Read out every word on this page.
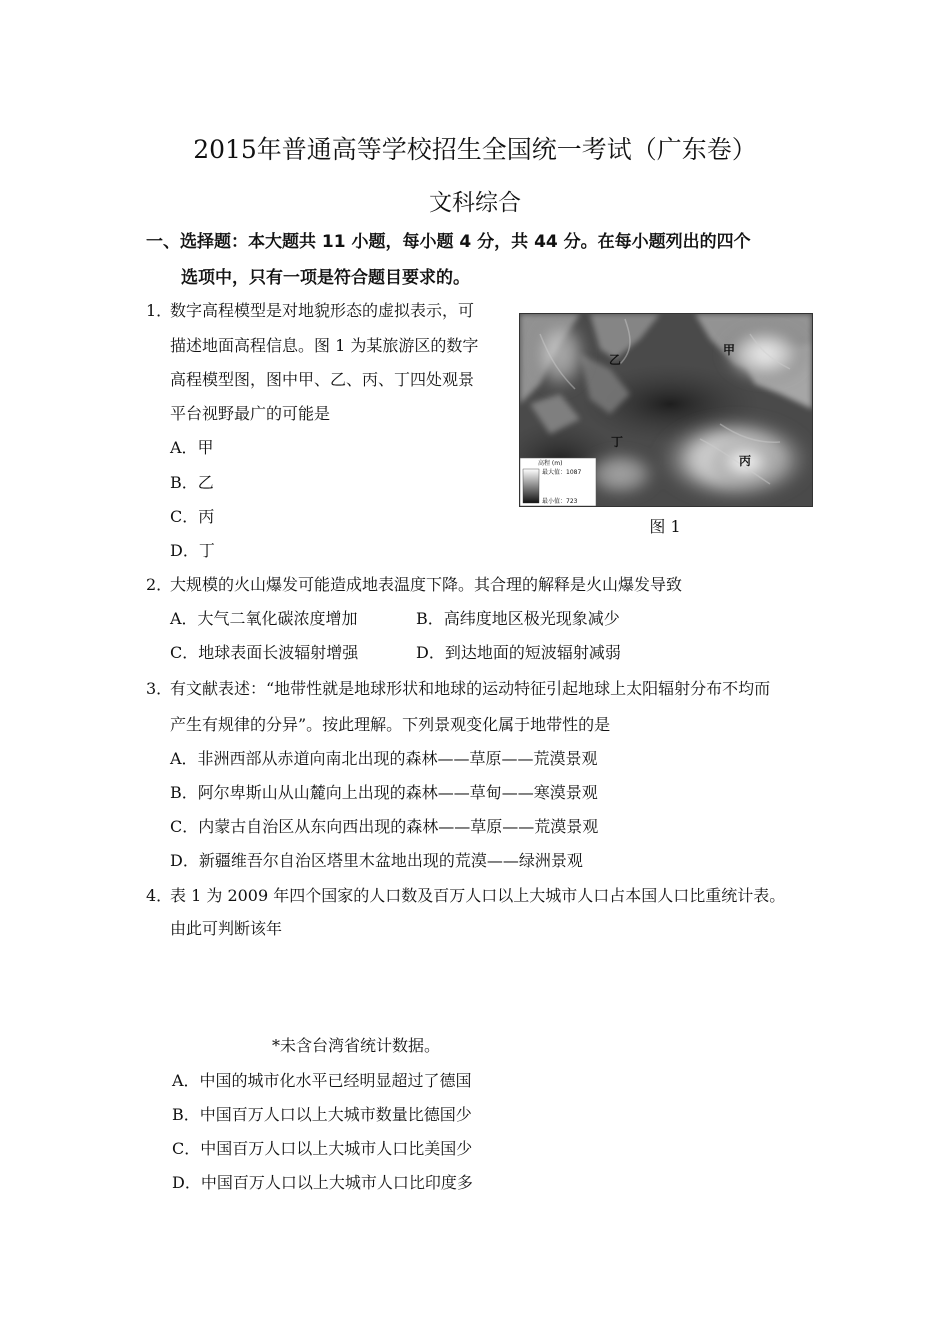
2015年普通高等学校招生全国统一考试（广东卷）
文科综合
一、选择题：本大题共 11 小题，每小题 4 分，共 44 分。在每小题列出的四个
选项中，只有一项是符合题目要求的。
1．
数字高程模型是对地貌形态的虚拟表示，可
描述地面高程信息。图 1 为某旅游区的数字
高程模型图，图中甲、乙、丙、丁四处观景
平台视野最广的可能是
A．甲
B．乙
C．丙
D．丁
高程 (m)
最大值：1087
最小值：723
甲
乙
丙
丁
图 1
2．
大规模的火山爆发可能造成地表温度下降。其合理的解释是火山爆发导致
A．大气二氧化碳浓度增加	B．高纬度地区极光现象减少
C．地球表面长波辐射增强	D．到达地面的短波辐射减弱
3．
有文献表述：“地带性就是地球形状和地球的运动特征引起地球上太阳辐射分布不均而
产生有规律的分异”。按此理解。下列景观变化属于地带性的是
A．非洲西部从赤道向南北出现的森林——草原——荒漠景观
B．阿尔卑斯山从山麓向上出现的森林——草甸——寒漠景观
C．内蒙古自治区从东向西出现的森林——草原——荒漠景观
D．新疆维吾尔自治区塔里木盆地出现的荒漠——绿洲景观
4．
表 1 为 2009 年四个国家的人口数及百万人口以上大城市人口占本国人口比重统计表。
由此可判断该年
*未含台湾省统计数据。
A．中国的城市化水平已经明显超过了德国
B．中国百万人口以上大城市数量比德国少
C．中国百万人口以上大城市人口比美国少
D．中国百万人口以上大城市人口比印度多
